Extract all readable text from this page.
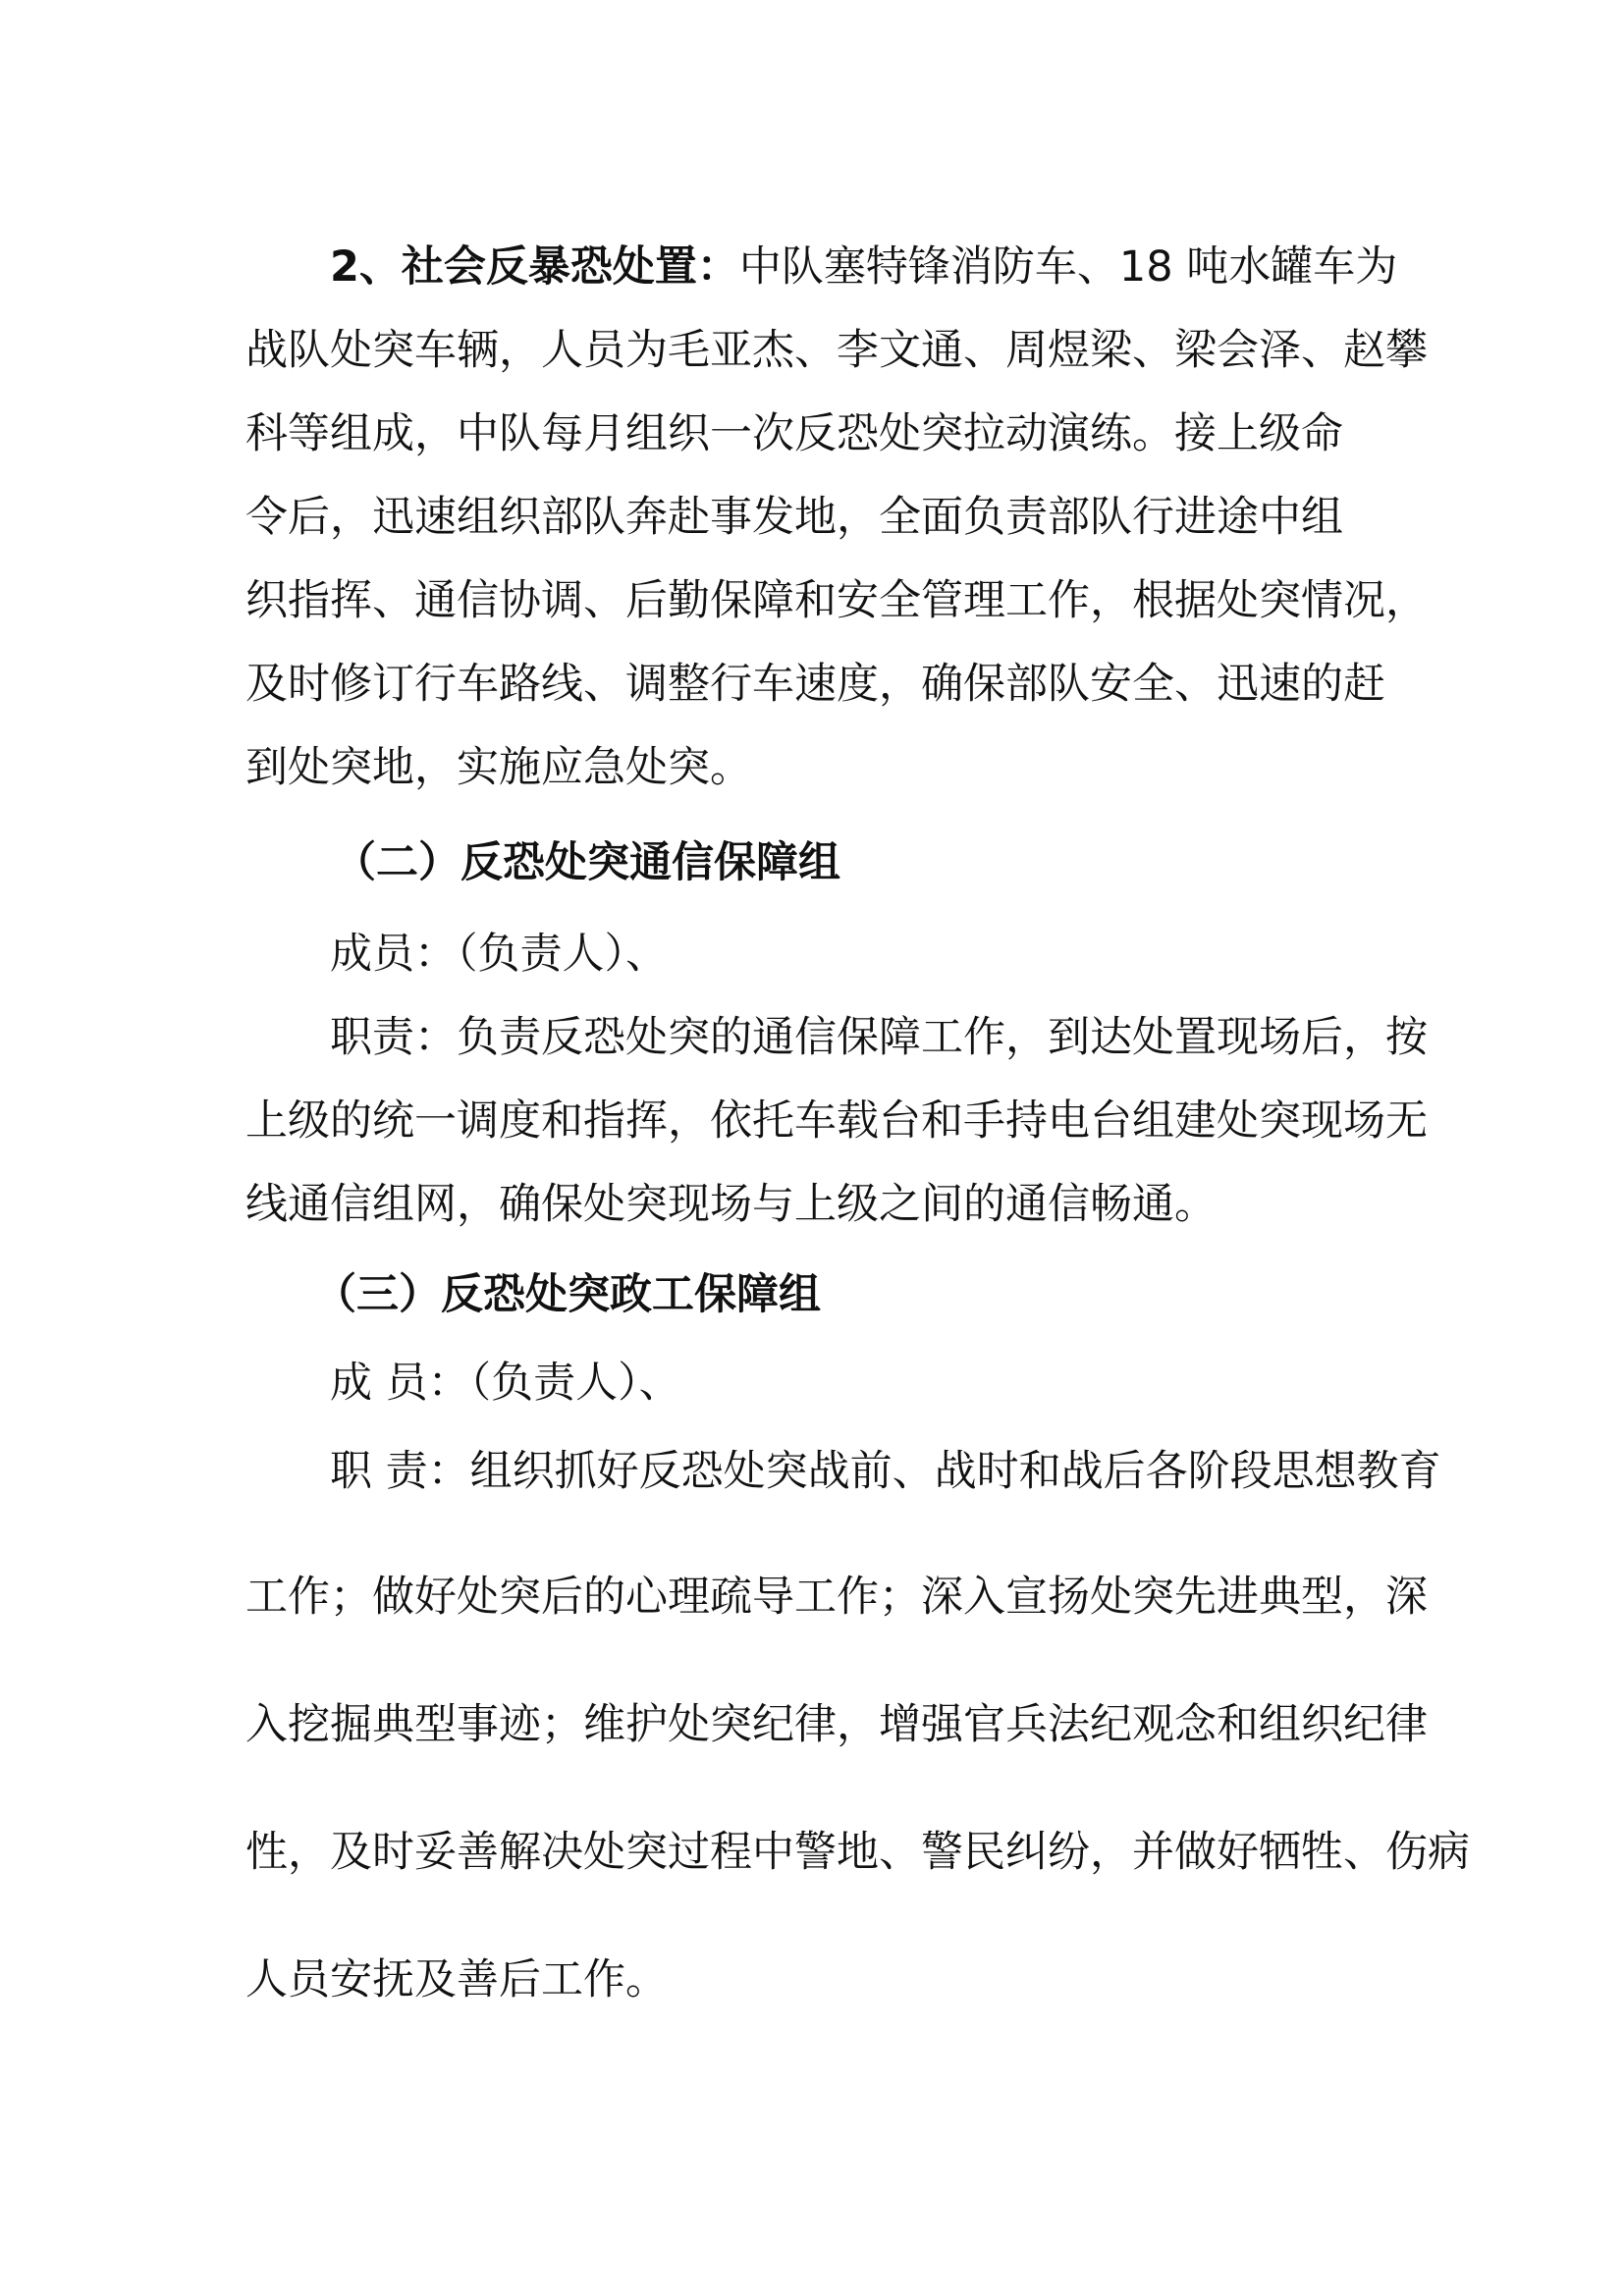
2、社会反暴恐处置：中队塞特锋消防车、18 吨水罐车为
战队处突车辆，人员为毛亚杰、李文通、周煜梁、梁会泽、赵攀
科等组成，中队每月组织一次反恐处突拉动演练。接上级命
令后，迅速组织部队奔赴事发地，全面负责部队行进途中组
织指挥、通信协调、后勤保障和安全管理工作，根据处突情况，
及时修订行车路线、调整行车速度，确保部队安全、迅速的赶
到处突地，实施应急处突。
（二）反恐处突通信保障组
成员：（负责人）、
职责：负责反恐处突的通信保障工作，到达处置现场后，按
上级的统一调度和指挥，依托车载台和手持电台组建处突现场无
线通信组网，确保处突现场与上级之间的通信畅通。
（三）反恐处突政工保障组
成 员：（负责人）、
职 责：组织抓好反恐处突战前、战时和战后各阶段思想教育
工作；做好处突后的心理疏导工作；深入宣扬处突先进典型，深
入挖掘典型事迹；维护处突纪律，增强官兵法纪观念和组织纪律
性，及时妥善解决处突过程中警地、警民纠纷，并做好牺牲、伤病
人员安抚及善后工作。
